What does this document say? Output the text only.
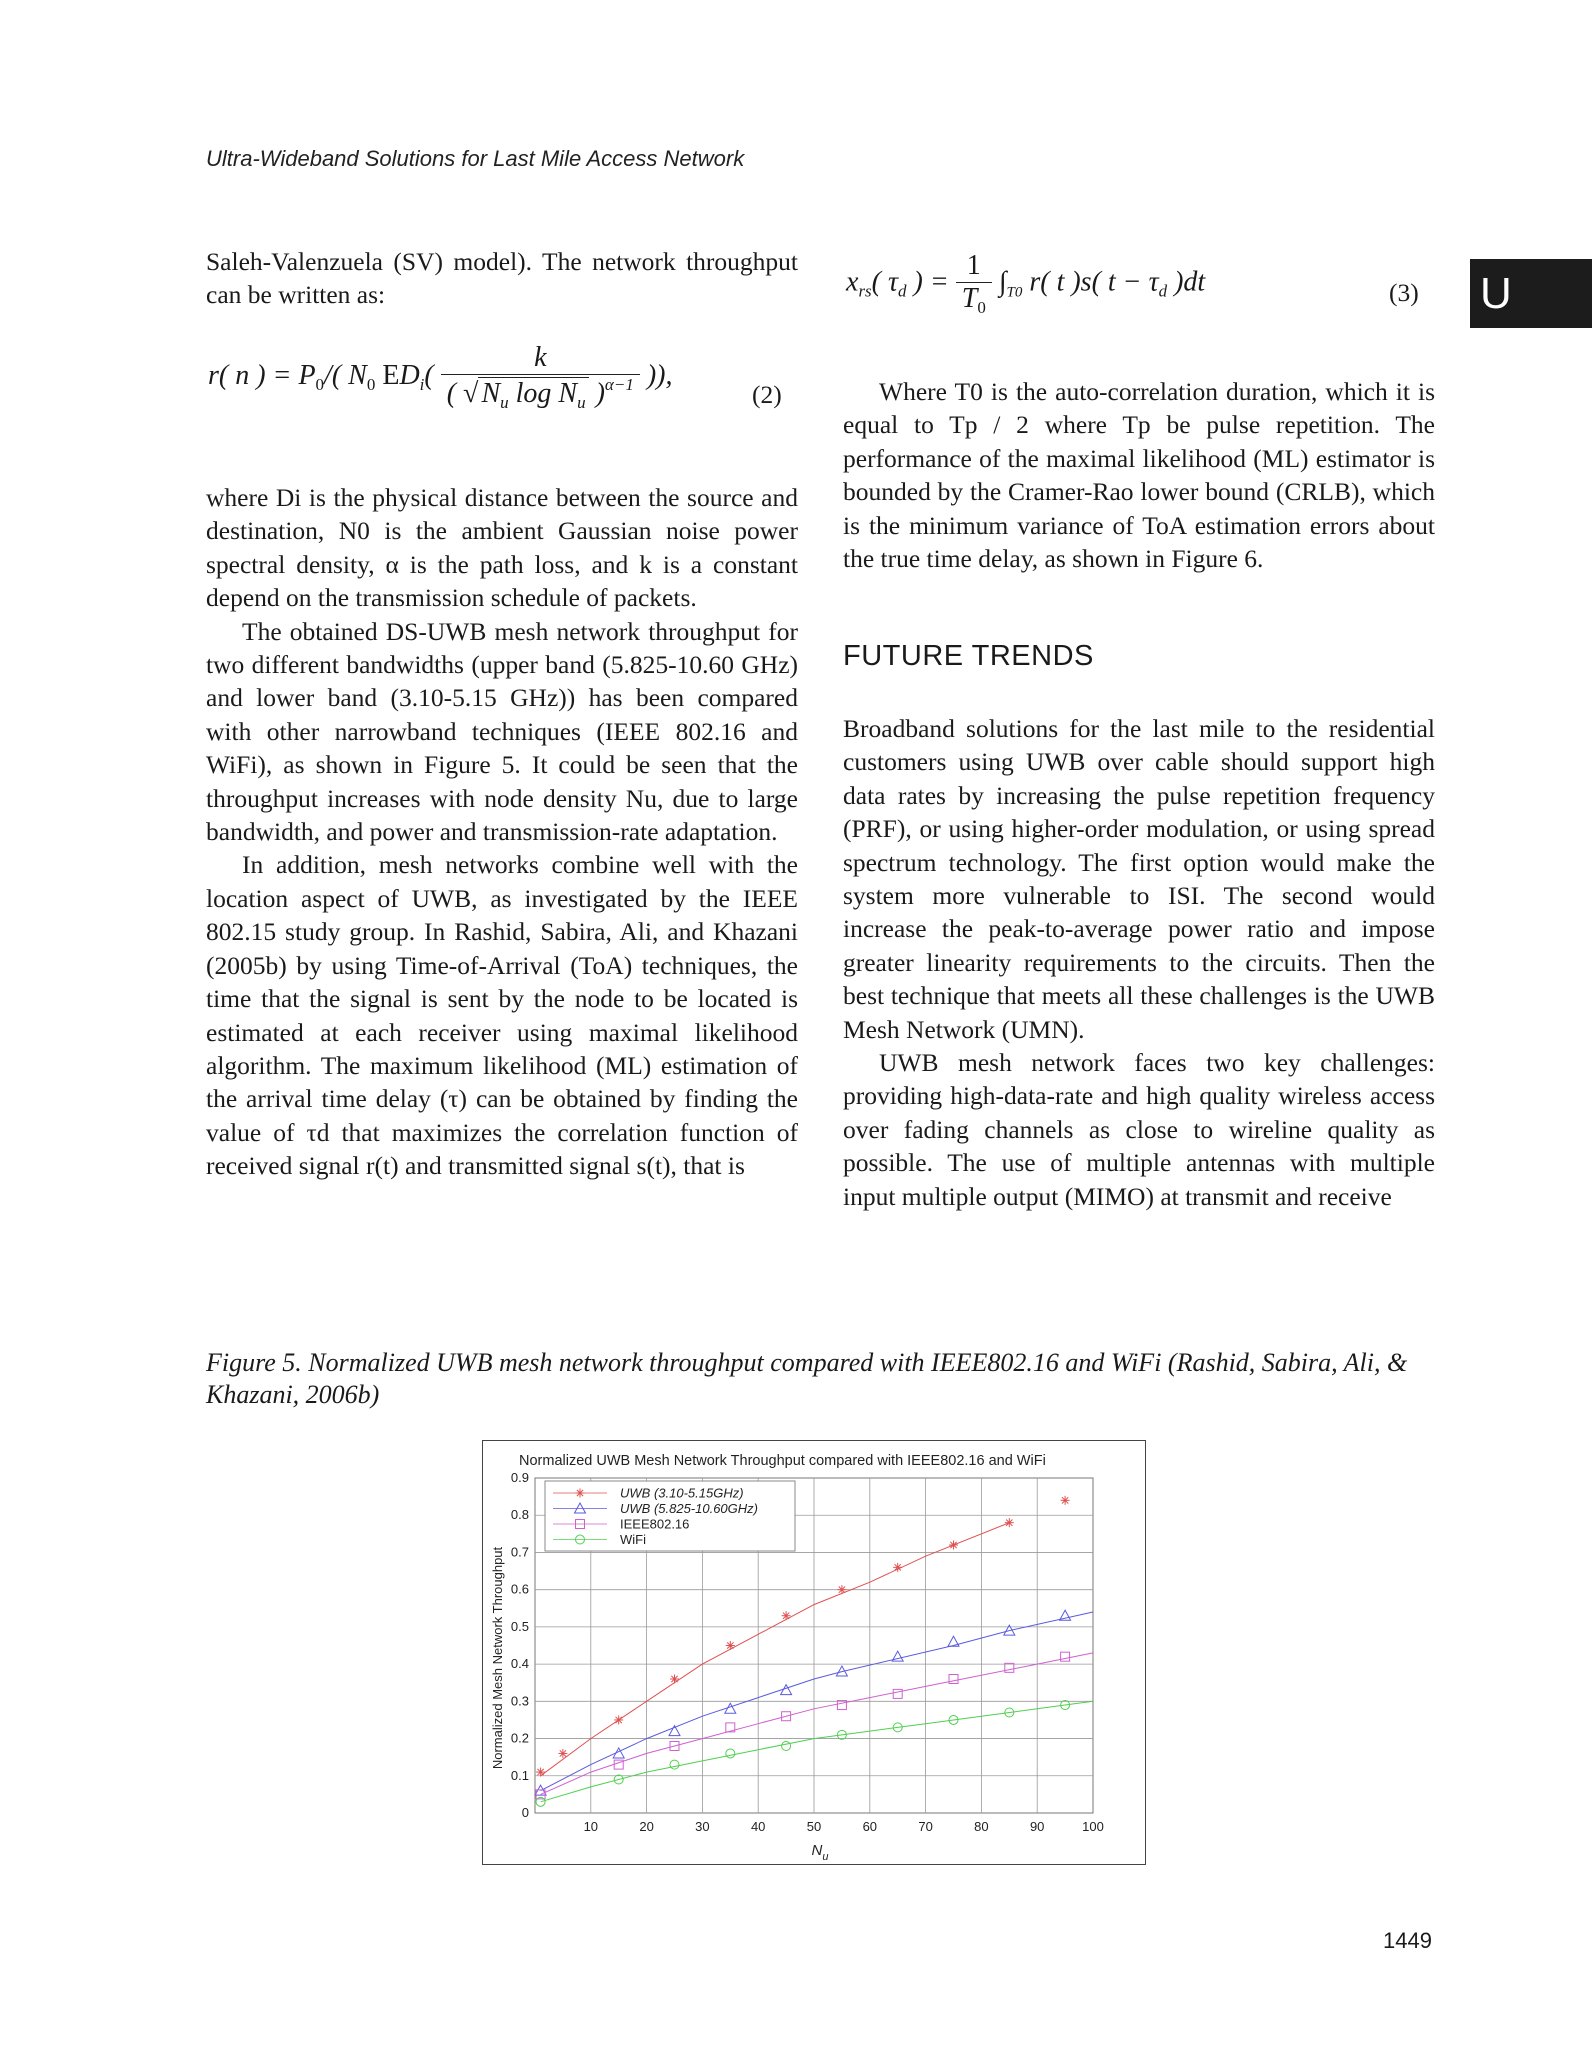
Ultra-Wideband Solutions for Last Mile Access Network
U

Saleh-Valenzuela (SV) model). The network throughput can be written as:

r( n ) = $P_0/$( $N_0$ $ED_i( \frac{k}{( √ N_u \log N_u )^{\alpha-1}}$ )),
(2)

where Di is the physical distance between the source and destination, N0 is the ambient Gaussian noise power spectral density, α is the path loss, and k is a constant depend on the transmission schedule of packets.

The obtained DS-UWB mesh network throughput for two different bandwidths (upper band (5.825-10.60 GHz) and lower band (3.10-5.15 GHz)) has been compared with other narrowband techniques (IEEE 802.16 and WiFi), as shown in Figure 5. It could be seen that the throughput increases with node density Nu, due to large bandwidth, and power and transmission-rate adaptation.

In addition, mesh networks combine well with the location aspect of UWB, as investigated by the IEEE 802.15 study group. In Rashid, Sabira, Ali, and Khazani (2005b) by using Time-of-Arrival (ToA) techniques, the time that the signal is sent by the node to be located is estimated at each receiver using maximal likelihood algorithm. The maximum likelihood (ML) estimation of the arrival time delay (τ) can be obtained by finding the value of τd that maximizes the correlation function of received signal r(t) and transmitted signal s(t), that is

$x_{rs}$( $\tau_d$ ) = $\frac{1}{T_0} \int_{T0}$ r( t )s( $t - \tau_d$ )dt	(3)

Where T0 is the auto-correlation duration, which it is equal to Tp / 2 where Tp be pulse repetition. The performance of the maximal likelihood (ML) estimator is bounded by the Cramer-Rao lower bound (CRLB), which is the minimum variance of ToA estimation errors about the true time delay, as shown in Figure 6.

FUTURE TRENDS

Broadband solutions for the last mile to the residential customers using UWB over cable should support high data rates by increasing the pulse repetition frequency (PRF), or using higher-order modulation, or using spread spectrum technology. The first option would make the system more vulnerable to ISI. The second would increase the peak-to-average power ratio and impose greater linearity requirements to the circuits. Then the best technique that meets all these challenges is the UWB Mesh Network (UMN).

UWB mesh network faces two key challenges: providing high-data-rate and high quality wireless access over fading channels as close to wireline quality as possible. The use of multiple antennas with multiple input multiple output (MIMO) at transmit and receive

Figure 5. Normalized UWB mesh network throughput compared with IEEE802.16 and WiFi (Rashid, Sabira, Ali, & Khazani, 2006b)
Normalized UWB Mesh Network Throughput compared with IEEE802.16 and WiFi
0
0.1
0.2
0.3
0.4
0.5
0.6
0.7
0.8
0.9
10	20	30	40	50	60	70	80	90	100
UWB (3.10-5.15GHz)
UWB (5.825-10.60GHz)
IEEE802.16
WiFi
Normalized Mesh Network Throughput
$N_u$
1449
